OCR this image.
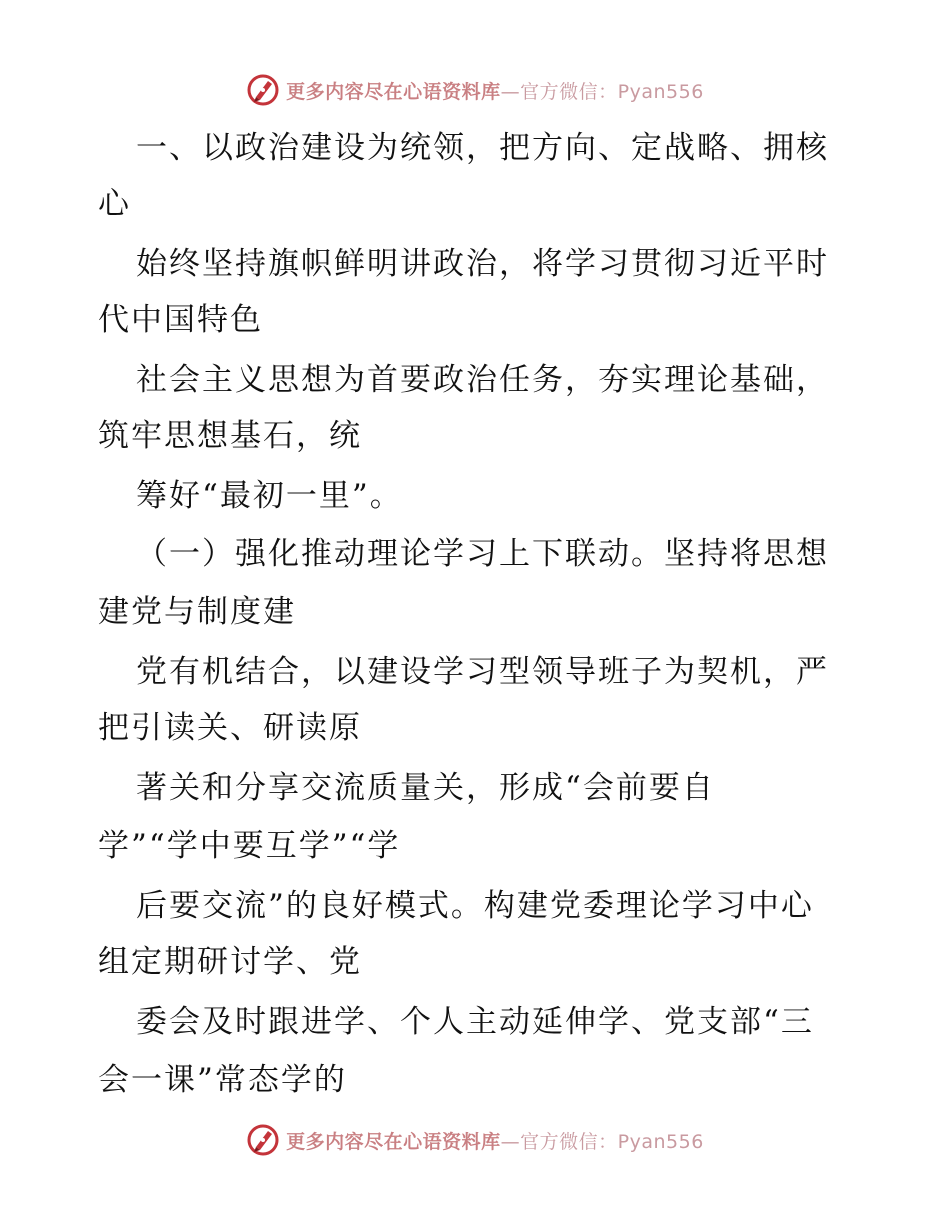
更多内容尽在心语资料库—官方微信：Pyan556
一、以政治建设为统领，把方向、定战略、拥核
心
始终坚持旗帜鲜明讲政治，将学习贯彻习近平时
代中国特色
社会主义思想为首要政治任务，夯实理论基础，
筑牢思想基石，统
筹好“最初一里”。
（一）强化推动理论学习上下联动。坚持将思想
建党与制度建
党有机结合，以建设学习型领导班子为契机，严
把引读关、研读原
著关和分享交流质量关，形成“会前要自
学”“学中要互学”“学
后要交流”的良好模式。构建党委理论学习中心
组定期研讨学、党
委会及时跟进学、个人主动延伸学、党支部“三
会一课”常态学的
更多内容尽在心语资料库—官方微信：Pyan556
